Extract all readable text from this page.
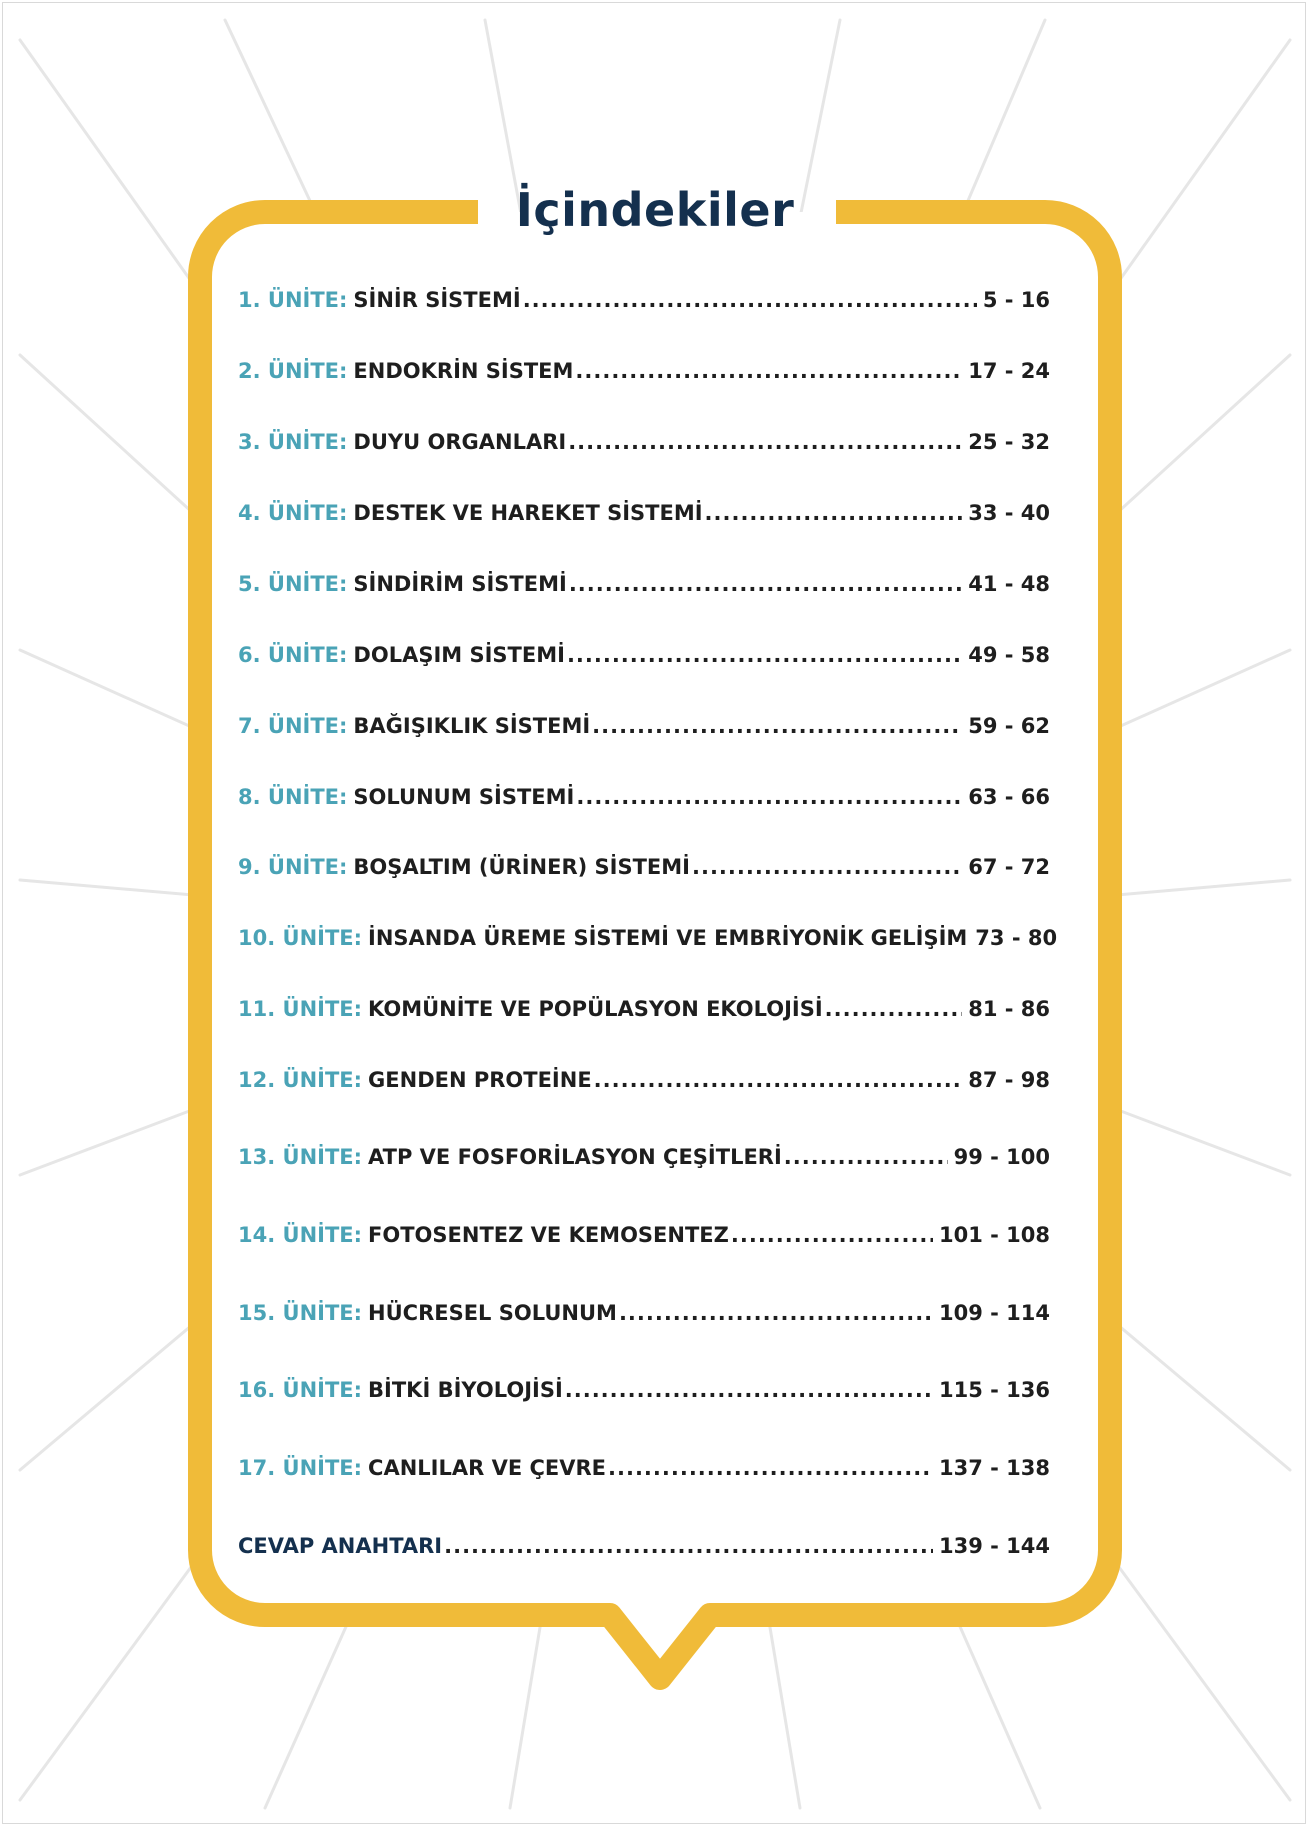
İçindekiler
1. ÜNİTE: SİNİR SİSTEMİ .....	5 - 16
2. ÜNİTE: ENDOKRİN SİSTEM .....	17 - 24
3. ÜNİTE: DUYU ORGANLARI .....	25 - 32
4. ÜNİTE: DESTEK VE HAREKET SİSTEMİ .....	33 - 40
5. ÜNİTE: SİNDİRİM SİSTEMİ .....	41 - 48
6. ÜNİTE: DOLAŞIM SİSTEMİ .....	49 - 58
7. ÜNİTE: BAĞIŞIKLIK SİSTEMİ .....	59 - 62
8. ÜNİTE: SOLUNUM SİSTEMİ .....	63 - 66
9. ÜNİTE: BOŞALTIM (ÜRİNER) SİSTEMİ .....	67 - 72
10. ÜNİTE: İNSANDA ÜREME SİSTEMİ VE EMBRİYONİK GELİŞİM 73 - 80
11. ÜNİTE: KOMÜNİTE VE POPÜLASYON EKOLOJİSİ .....	81 - 86
12. ÜNİTE: GENDEN PROTEİNE .....	87 - 98
13. ÜNİTE: ATP VE FOSFORİLASYON ÇEŞİTLERİ .....	99 - 100
14. ÜNİTE: FOTOSENTEZ VE KEMOSENTEZ .....	101 - 108
15. ÜNİTE: HÜCRESEL SOLUNUM .....	109 - 114
16. ÜNİTE: BİTKİ BİYOLOJİSİ .....	115 - 136
17. ÜNİTE: CANLILAR VE ÇEVRE .....	137 - 138
CEVAP ANAHTARI .....	139 - 144
